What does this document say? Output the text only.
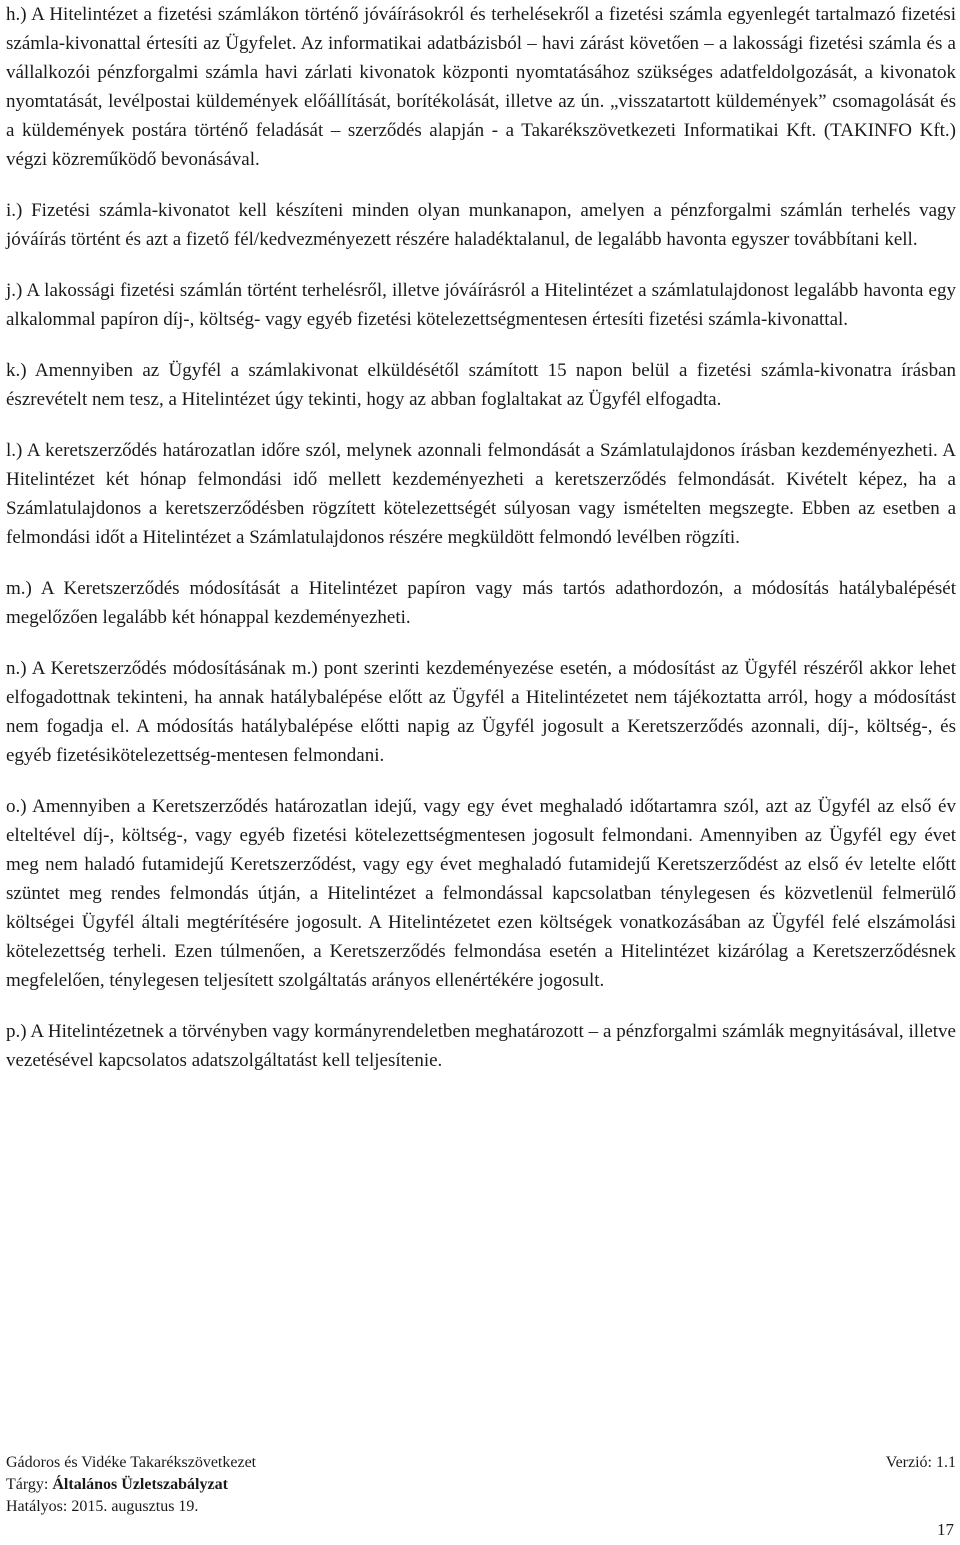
h.) A Hitelintézet a fizetési számlákon történő jóváírásokról és terhelésekről a fizetési számla egyenlegét tartalmazó fizetési számla-kivonattal értesíti az Ügyfelet. Az informatikai adatbázisból – havi zárást követően – a lakossági fizetési számla és a vállalkozói pénzforgalmi számla havi zárlati kivonatok központi nyomtatásához szükséges adatfeldolgozását, a kivonatok nyomtatását, levélpostai küldemények előállítását, borítékolását, illetve az ún. „visszatartott küldemények” csomagolását és a küldemények postára történő feladását – szerződés alapján - a Takarékszövetkezeti Informatikai Kft. (TAKINFO Kft.) végzi közreműködő bevonásával.

i.) Fizetési számla-kivonatot kell készíteni minden olyan munkanapon, amelyen a pénzforgalmi számlán terhelés vagy jóváírás történt és azt a fizető fél/kedvezményezett részére haladéktalanul, de legalább havonta egyszer továbbítani kell.

j.) A lakossági fizetési számlán történt terhelésről, illetve jóváírásról a Hitelintézet a számlatulajdonost legalább havonta egy alkalommal papíron díj-, költség- vagy egyéb fizetési kötelezettségmentesen értesíti fizetési számla-kivonattal.

k.) Amennyiben az Ügyfél a számlakivonat elküldésétől számított 15 napon belül a fizetési számla-kivonatra írásban észrevételt nem tesz, a Hitelintézet úgy tekinti, hogy az abban foglaltakat az Ügyfél elfogadta.

l.) A keretszerződés határozatlan időre szól, melynek azonnali felmondását a Számlatulajdonos írásban kezdeményezheti. A Hitelintézet két hónap felmondási idő mellett kezdeményezheti a keretszerződés felmondását. Kivételt képez, ha a Számlatulajdonos a keretszerződésben rögzített kötelezettségét súlyosan vagy ismételten megszegte. Ebben az esetben a felmondási időt a Hitelintézet a Számlatulajdonos részére megküldött felmondó levélben rögzíti.

m.) A Keretszerződés módosítását a Hitelintézet papíron vagy más tartós adathordozón, a módosítás hatálybalépését megelőzően legalább két hónappal kezdeményezheti.

n.) A Keretszerződés módosításának m.) pont szerinti kezdeményezése esetén, a módosítást az Ügyfél részéről akkor lehet elfogadottnak tekinteni, ha annak hatálybalépése előtt az Ügyfél a Hitelintézetet nem tájékoztatta arról, hogy a módosítást nem fogadja el. A módosítás hatálybalépése előtti napig az Ügyfél jogosult a Keretszerződés azonnali, díj-, költség-, és egyéb fizetésikötelezettség-mentesen felmondani.

o.) Amennyiben a Keretszerződés határozatlan idejű, vagy egy évet meghaladó időtartamra szól, azt az Ügyfél az első év elteltével díj-, költség-, vagy egyéb fizetési kötelezettségmentesen jogosult felmondani. Amennyiben az Ügyfél egy évet meg nem haladó futamidejű Keretszerződést, vagy egy évet meghaladó futamidejű Keretszerződést az első év letelte előtt szüntet meg rendes felmondás útján, a Hitelintézet a felmondással kapcsolatban ténylegesen és közvetlenül felmerülő költségei Ügyfél általi megtérítésére jogosult. A Hitelintézetet ezen költségek vonatkozásában az Ügyfél felé elszámolási kötelezettség terheli. Ezen túlmenően, a Keretszerződés felmondása esetén a Hitelintézet kizárólag a Keretszerződésnek megfelelően, ténylegesen teljesített szolgáltatás arányos ellenértékére jogosult.

p.) A Hitelintézetnek a törvényben vagy kormányrendeletben meghatározott – a pénzforgalmi számlák megnyitásával, illetve vezetésével kapcsolatos adatszolgáltatást kell teljesítenie.

Gádoros és Vidéke Takarékszövetkezet	Verzió: 1.1
Tárgy: Általános Üzletszabályzat
Hatályos: 2015. augusztus 19.
17
